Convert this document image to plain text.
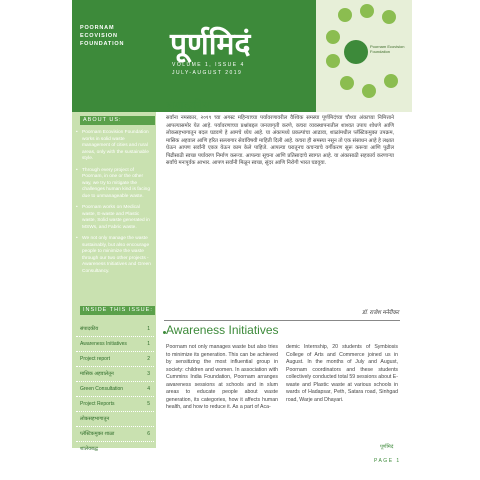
POORNAM ECOVISION FOUNDATION	पूर्णमिदं
VOLUME 1, ISSUE 4
JULY-AUGUST 2019
Poornam Ecovision Foundation
ABOUT US:
• Poornam Ecovision Foundation works in solid waste management of cities and rural areas, only with the sustainable style.
• Through every project of Poornam, in one or the other way, we try to mitigate the challenges human kind is facing due to unmanageable waste.
• Poornam works on Medical waste, E-waste and Plastic waste, Solid waste generated in MSWs, and Fabric waste.
• We not only manage the waste sustainably, but also encourage people to minimize the waste through our two other projects - Awareness Initiatives and Green Consultancy.
INSIDE THIS ISSUE:
संपादकीय	1
Awareness Initiatives	1
Project report	2
मासिक अहवालेतून	3
Green Consultation	4
Project Reports	5
लोकसहभागातून
प्लॅस्टिकमुक्त शाळा	6
शालेयबद्ध
संपादकीय
सर्वांना नमस्कार, २०१९ च्या अगस्ट महिन्याच्या पर्यावरणावरील वैश्विक समस्या पूर्णमिदंच्या चौथ्या अंकाच्या निमित्ताने आपल्यासमोर येत आहे. पर्यावरणाच्या प्रश्नांबद्दल जनजागृती करणे, कचरा व्यवस्थापनातील शाश्वत उपाय शोधणे आणि लोकसहभागातून बदल घडवणे हे आमचे ध्येय आहे. या अंकामध्ये प्रकल्पांचा आढावा, शाळांमधील प्लॅस्टिकमुक्त उपक्रम, मासिक अहवाल आणि हरित सल्लागार सेवांविषयी माहिती दिली आहे. कचरा ही समस्या नसून तो एक संसाधन आहे हे लक्षात घेऊन आपण सर्वांनी एकत्र येऊन काम केले पाहिजे. आपल्या घरातूनच कचऱ्याचे वर्गीकरण सुरू करूया आणि पुढील पिढीसाठी स्वच्छ पर्यावरण निर्माण करूया. आपल्या सूचना आणि प्रतिसादाचे स्वागत आहे. या अंकासाठी सहकार्य करणाऱ्या सर्वांचे मनःपूर्वक आभार. आपण सर्वांनी मिळून स्वच्छ, सुंदर आणि निरोगी भारत घडवूया.
डॉ. राजेश मनेरीकर
Awareness Initiatives
Poornam not only manages waste but also tries to minimize its generation. This can be achieved by sensitizing the most influential group in society: children and women. In association with Cummins India Foundation, Poornam arranges awareness sessions at schools and in slum areas to educate people about waste generation, its categories, how it affects human health, and how to reduce it. As a part of Aca-
demic Internship, 20 students of Symbiosis College of Arts and Commerce joined us in August. In the months of July and August, Poornam coordinators and these students collectively conducted total 59 sessions about E-waste and Plastic waste at various schools in wards of Hadapsar, Peth, Satara road, Sinhgad road, Warje and Dhayari.
पूर्णमिदं
PAGE 1
